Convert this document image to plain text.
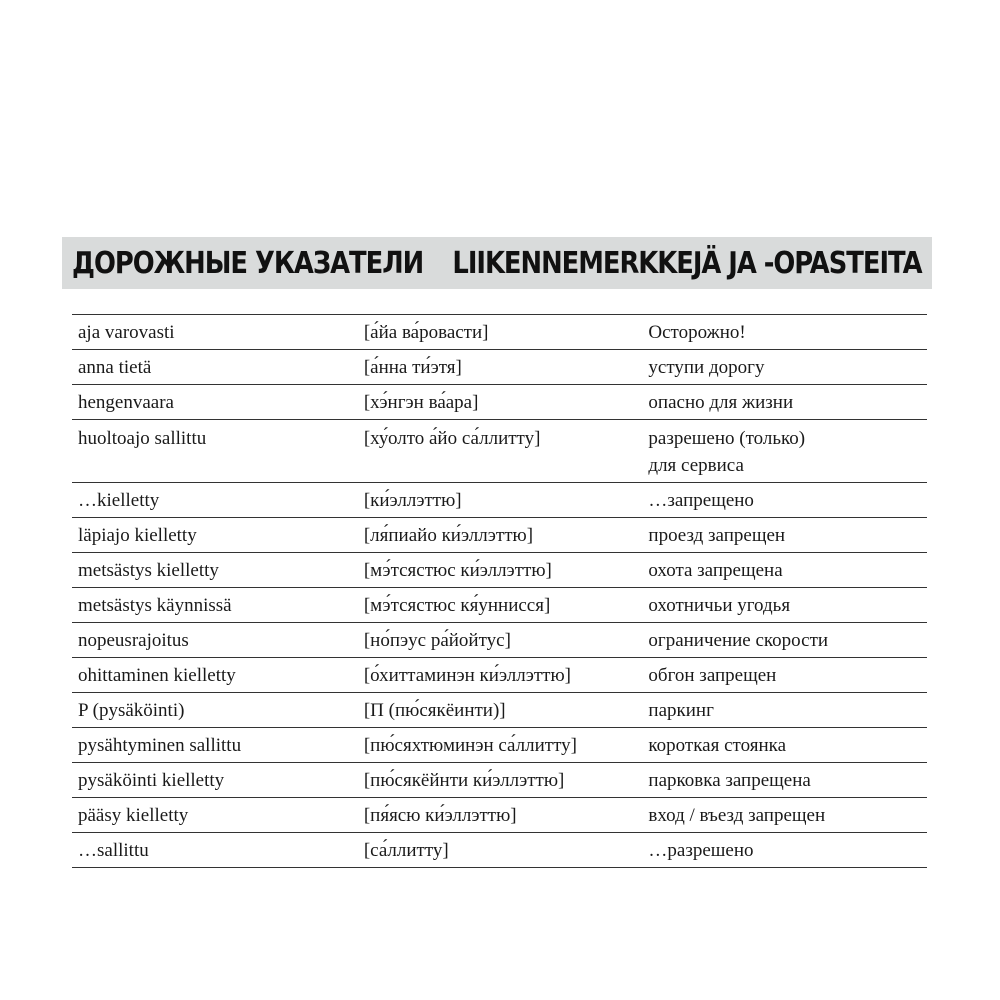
ДОРОЖНЫЕ УКАЗАТЕЛИ LIIKENNEMERKKEJÄ JA -OPASTEITA
aja varovasti	[а́йа ва́ровасти]	Осторожно!
anna tietä	[а́нна ти́этя]	уступи дорогу
hengenvaara	[хэ́нгэн ва́ара]	опасно для жизни
huoltoajo sallittu	[ху́олто а́йо са́ллитту]	разрешено (только)
для сервиса
…kielletty	[ки́эллэттю]	…запрещено
läpiajo kielletty	[ля́пиайо ки́эллэттю]	проезд запрещен
metsästys kielletty	[мэ́тсястюс ки́эллэттю]	охота запрещена
metsästys käynnissä	[мэ́тсястюс кя́уннисся]	охотничьи угодья
nopeusrajoitus	[но́пэус ра́йойтус]	ограничение скорости
ohittaminen kielletty	[о́хиттаминэн ки́эллэттю]	обгон запрещен
P (pysäköinti)	[П (пю́сякёинти)]	паркинг
pysähtyminen sallittu	[пю́сяхтюминэн са́ллитту]	короткая стоянка
pysäköinti kielletty	[пю́сякёйнти ки́эллэттю]	парковка запрещена
pääsy kielletty	[пя́ясю ки́эллэттю]	вход / въезд запрещен
…sallittu	[са́ллитту]	…разрешено
